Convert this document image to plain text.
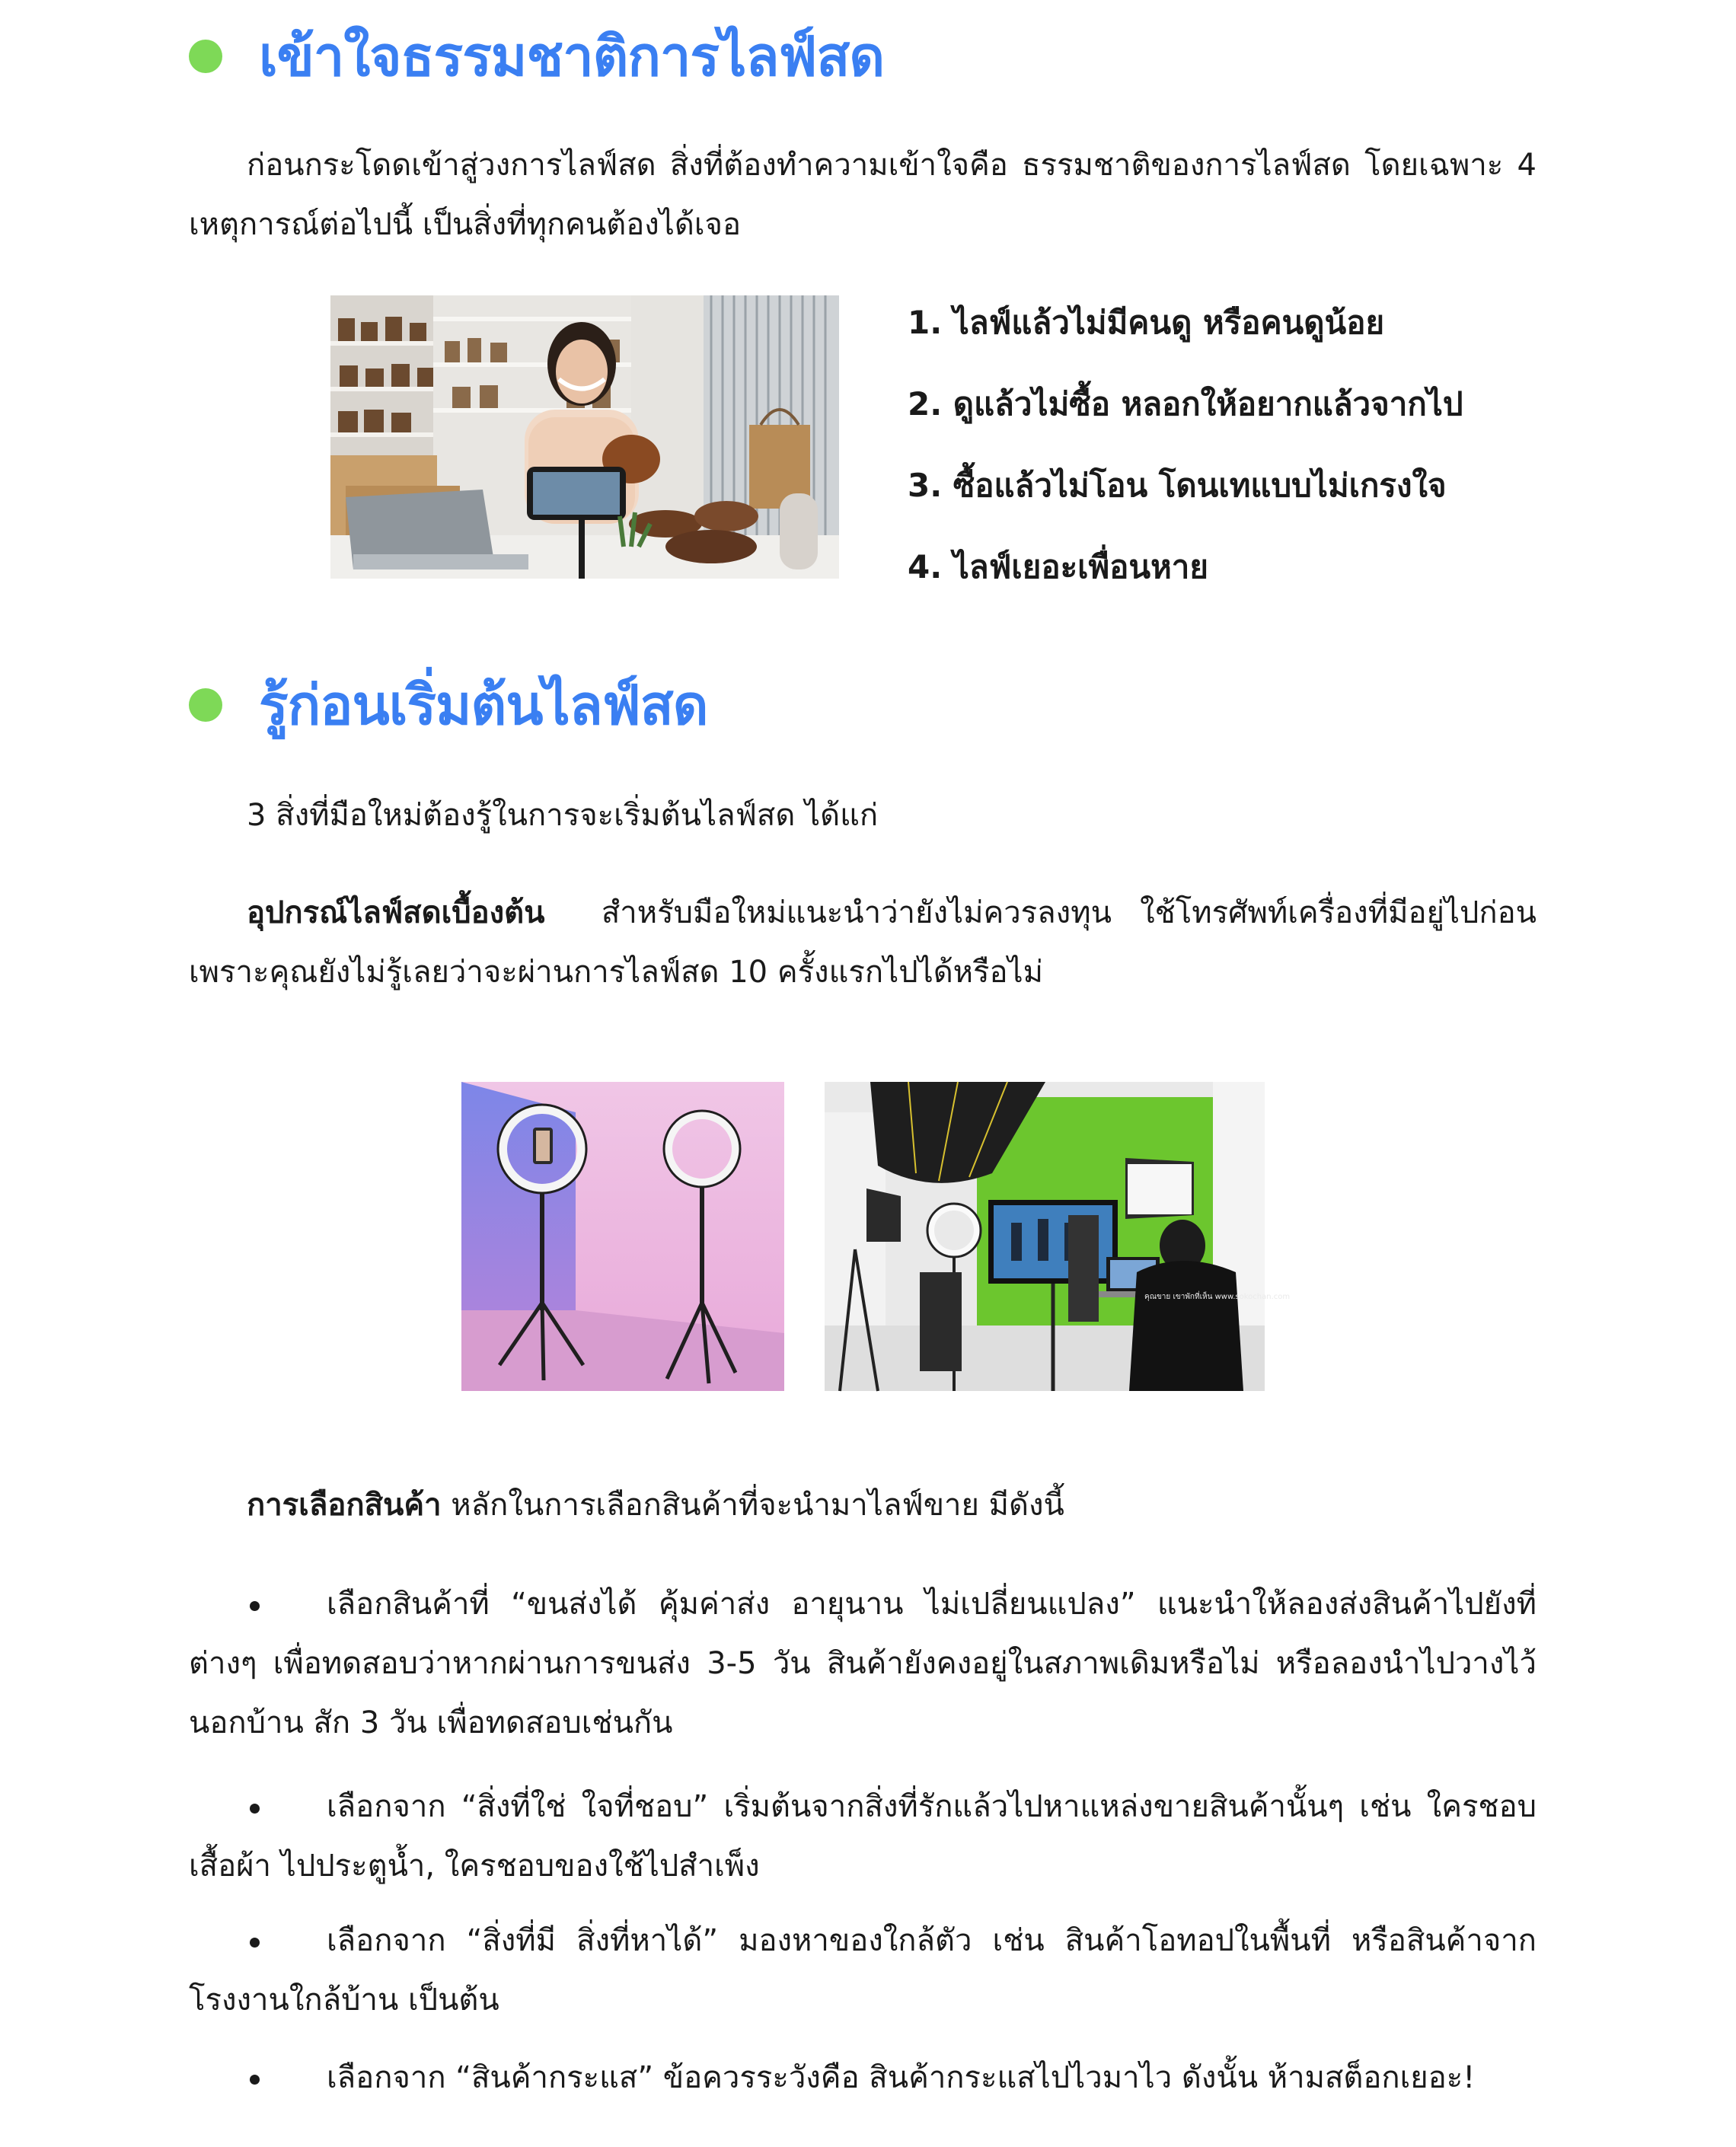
เข้าใจธรรมชาติการไลฟ์สด
ก่อนกระโดดเข้าสู่วงการไลฟ์สด สิ่งที่ต้องทำความเข้าใจคือ ธรรมชาติของการไลฟ์สด โดยเฉพาะ 4 เหตุการณ์ต่อไปนี้ เป็นสิ่งที่ทุกคนต้องได้เจอ
1. ไลฟ์แล้วไม่มีคนดู หรือคนดูน้อย
2. ดูแล้วไม่ซื้อ หลอกให้อยากแล้วจากไป
3. ซื้อแล้วไม่โอน โดนเทแบบไม่เกรงใจ
4. ไลฟ์เยอะเพื่อนหาย
รู้ก่อนเริ่มต้นไลฟ์สด
3 สิ่งที่มือใหม่ต้องรู้ในการจะเริ่มต้นไลฟ์สด ได้แก่
อุปกรณ์ไลฟ์สดเบื้องต้น สำหรับมือใหม่แนะนำว่ายังไม่ควรลงทุน ใช้โทรศัพท์เครื่องที่มีอยู่ไปก่อน เพราะคุณยังไม่รู้เลยว่าจะผ่านการไลฟ์สด 10 ครั้งแรกไปได้หรือไม่
คุณขาย เขาพักที่เห็น www.sokochan.com
การเลือกสินค้า หลักในการเลือกสินค้าที่จะนำมาไลฟ์ขาย มีดังนี้
เลือกสินค้าที่ “ขนส่งได้ คุ้มค่าส่ง อายุนาน ไม่เปลี่ยนแปลง” แนะนำให้ลองส่งสินค้าไปยังที่ต่างๆ เพื่อทดสอบว่าหากผ่านการขนส่ง 3-5 วัน สินค้ายังคงอยู่ในสภาพเดิมหรือไม่ หรือลองนำไปวางไว้นอกบ้าน สัก 3 วัน เพื่อทดสอบเช่นกัน
เลือกจาก “สิ่งที่ใช่ ใจที่ชอบ” เริ่มต้นจากสิ่งที่รักแล้วไปหาแหล่งขายสินค้านั้นๆ เช่น ใครชอบเสื้อผ้า ไปประตูน้ำ, ใครชอบของใช้ไปสำเพ็ง
เลือกจาก “สิ่งที่มี สิ่งที่หาได้” มองหาของใกล้ตัว เช่น สินค้าโอทอปในพื้นที่ หรือสินค้าจากโรงงานใกล้บ้าน เป็นต้น
เลือกจาก “สินค้ากระแส” ข้อควรระวังคือ สินค้ากระแสไปไวมาไว ดังนั้น ห้ามสต็อกเยอะ!
